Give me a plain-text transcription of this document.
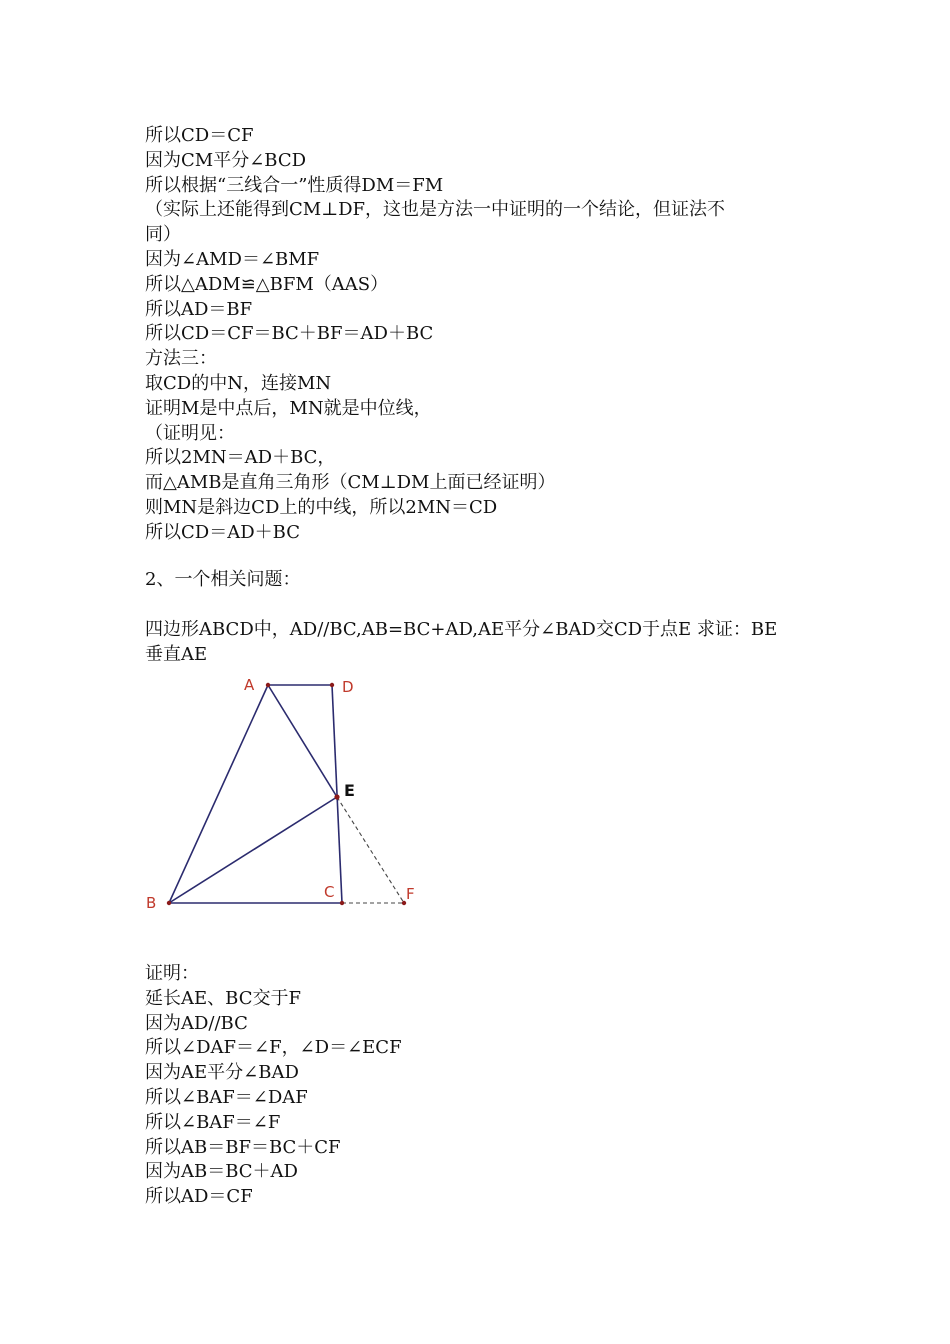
所以CD＝CF
因为CM平分∠BCD
所以根据“三线合一”性质得DM＝FM
（实际上还能得到CM⊥DF，这也是方法一中证明的一个结论，但证法不
同）
因为∠AMD＝∠BMF
所以△ADM≌△BFM（AAS）
所以AD＝BF
所以CD＝CF＝BC＋BF＝AD＋BC
方法三：
取CD的中N，连接MN
证明M是中点后，MN就是中位线，
（证明见：
所以2MN＝AD＋BC，
而△AMB是直角三角形（CM⊥DM上面已经证明）
则MN是斜边CD上的中线，所以2MN＝CD
所以CD＝AD＋BC
2、一个相关问题：
四边形ABCD中，AD//BC,AB=BC+AD,AE平分∠BAD交CD于点E 求证：BE
垂直AE
A	D
E
B
C	F
证明：
延长AE、BC交于F
因为AD//BC
所以∠DAF＝∠F，∠D＝∠ECF
因为AE平分∠BAD
所以∠BAF＝∠DAF
所以∠BAF＝∠F
所以AB＝BF＝BC＋CF
因为AB＝BC＋AD
所以AD＝CF
